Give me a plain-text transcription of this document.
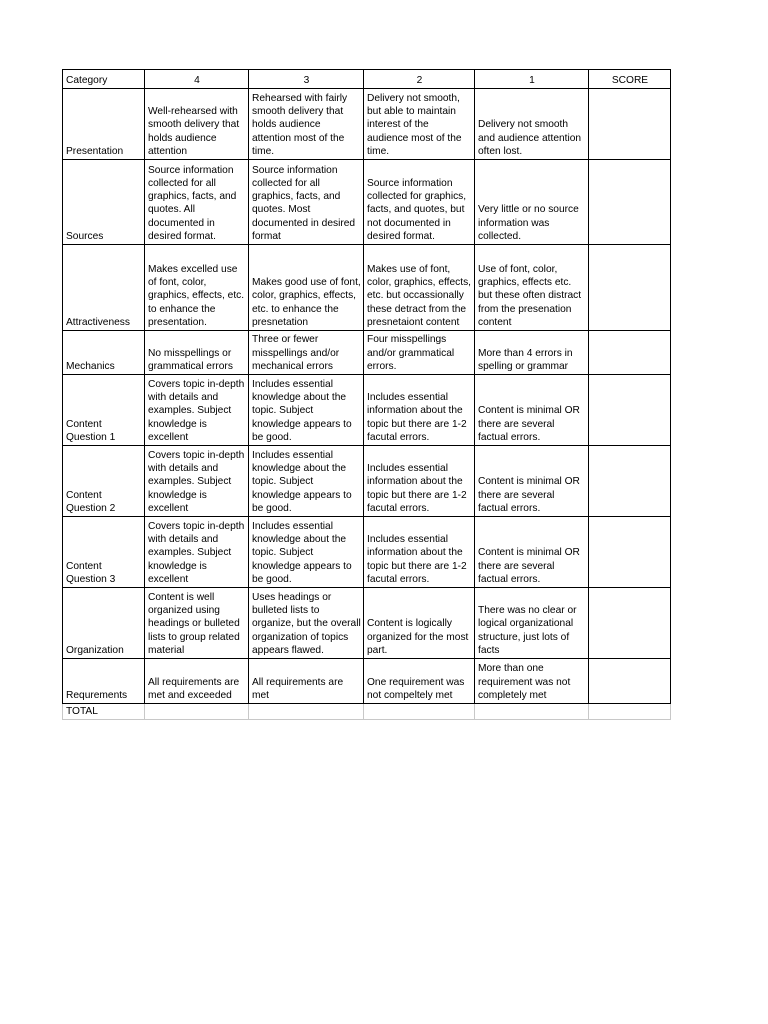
Category	4	3	2	1	SCORE
Presentation	Well-rehearsed with smooth delivery that holds audience attention	Rehearsed with fairly smooth delivery that holds audience attention most of the time.	Delivery not smooth, but able to maintain interest of the audience most of the time.	Delivery not smooth and audience attention often lost.	
Sources	Source information collected for all graphics, facts, and quotes. All documented in desired format.	Source information collected for all graphics, facts, and quotes. Most documented in desired format	Source information collected for graphics, facts, and quotes, but not documented in desired format.	Very little or no source information was collected.	
Attractiveness	Makes excelled use of font, color, graphics, effects, etc. to enhance the presentation.	Makes good use of font, color, graphics, effects, etc. to enhance the presnetation	Makes use of font, color, graphics, effects, etc. but occassionally these detract from the presnetaiont content	Use of font, color, graphics, effects etc. but these often distract from the presenation content	
Mechanics	No misspellings or grammatical errors	Three or fewer misspellings and/or mechanical errors	Four misspellings and/or grammatical errors.	More than 4 errors in spelling or grammar	
Content Question 1	Covers topic in-depth with details and examples. Subject knowledge is excellent	Includes essential knowledge about the topic. Subject knowledge appears to be good.	Includes essential information about the topic but there are 1-2 facutal errors.	Content is minimal OR there are several factual errors.	
Content Question 2	Covers topic in-depth with details and examples. Subject knowledge is excellent	Includes essential knowledge about the topic. Subject knowledge appears to be good.	Includes essential information about the topic but there are 1-2 facutal errors.	Content is minimal OR there are several factual errors.	
Content Question 3	Covers topic in-depth with details and examples. Subject knowledge is excellent	Includes essential knowledge about the topic. Subject knowledge appears to be good.	Includes essential information about the topic but there are 1-2 facutal errors.	Content is minimal OR there are several factual errors.	
Organization	Content is well organized using headings or bulleted lists to group related material	Uses headings or bulleted lists to organize, but the overall organization of topics appears flawed.	Content is logically organized for the most part.	There was no clear or logical organizational structure, just lots of facts	
Requrements	All requirements are met and exceeded	All requirements are met	One requirement was not compeltely met	More than one requirement was not completely met	
TOTAL					
